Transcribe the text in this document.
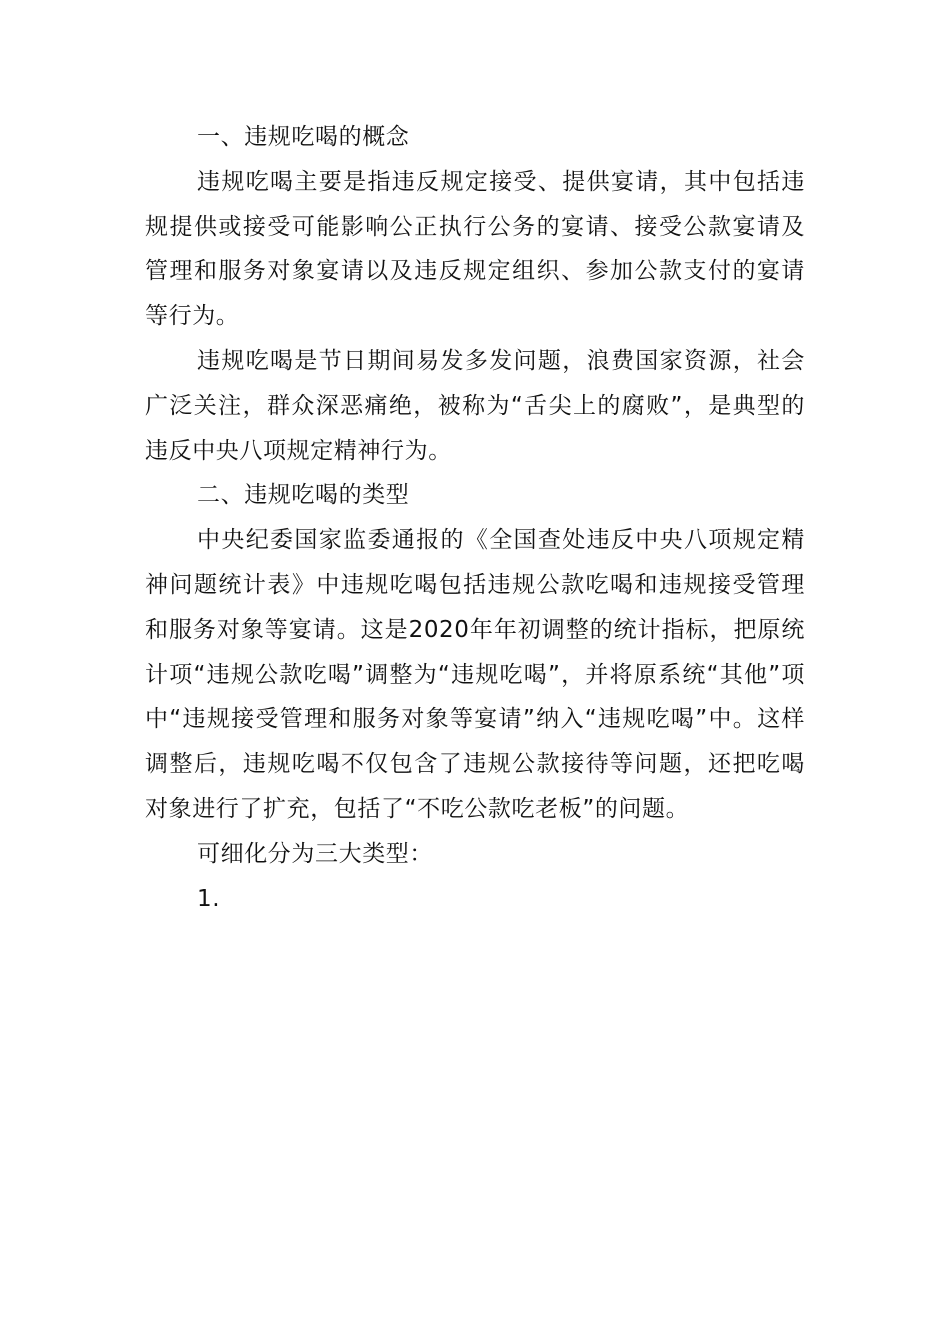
一、违规吃喝的概念

违规吃喝主要是指违反规定接受、提供宴请，其中包括违规提供或接受可能影响公正执行公务的宴请、接受公款宴请及管理和服务对象宴请以及违反规定组织、参加公款支付的宴请等行为。

违规吃喝是节日期间易发多发问题，浪费国家资源，社会广泛关注，群众深恶痛绝，被称为“舌尖上的腐败”，是典型的违反中央八项规定精神行为。

二、违规吃喝的类型

中央纪委国家监委通报的《全国查处违反中央八项规定精神问题统计表》中违规吃喝包括违规公款吃喝和违规接受管理和服务对象等宴请。这是2020年年初调整的统计指标，把原统计项“违规公款吃喝”调整为“违规吃喝”，并将原系统“其他”项中“违规接受管理和服务对象等宴请”纳入“违规吃喝”中。这样调整后，违规吃喝不仅包含了违规公款接待等问题，还把吃喝对象进行了扩充，包括了“不吃公款吃老板”的问题。

可细化分为三大类型：

1.
